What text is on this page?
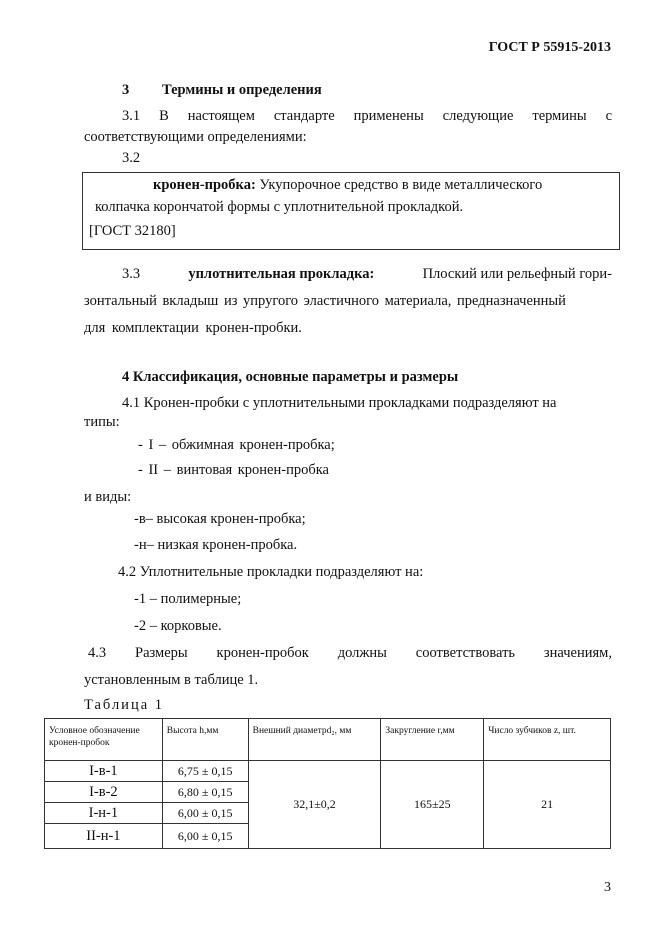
ГОСТ Р 55915-2013
3 Термины и определения
3.1 В настоящем стандарте применены следующие термины с
соответствующими определениями:
3.2
кронен-пробка: Укупорочное средство в виде металлического
колпачка корончатой формы с уплотнительной прокладкой.
[ГОСТ 32180]
3.3	уплотнительная прокладка:	Плоский или рельефный гори-
зонтальный вкладыш из упругого эластичного материала, предназначенный
для комплектации кронен-пробки.
4 Классификация, основные параметры и размеры
4.1 Кронен-пробки с уплотнительными прокладками подразделяют на
типы:
- I – обжимная кронен-пробка;
- II – винтовая кронен-пробка
и виды:
-в– высокая кронен-пробка;
-н– низкая кронен-пробка.
4.2 Уплотнительные прокладки подразделяют на:
-1 – полимерные;
-2 – корковые.
4.3 Размеры кронен-пробок должны соответствовать значениям,
установленным в таблице 1.
Таблица 1
Условное обозначение кронен-пробок	Высота h,мм	Внешний диаметрd₂, мм	Закругление r,мм	Число зубчиков z, шт.
I-в-1	6,75 ± 0,15	32,1±0,2	165±25	21
I-в-2	6,80 ± 0,15			
I-н-1	6,00 ± 0,15			
II-н-1	6,00 ± 0,15			
3
